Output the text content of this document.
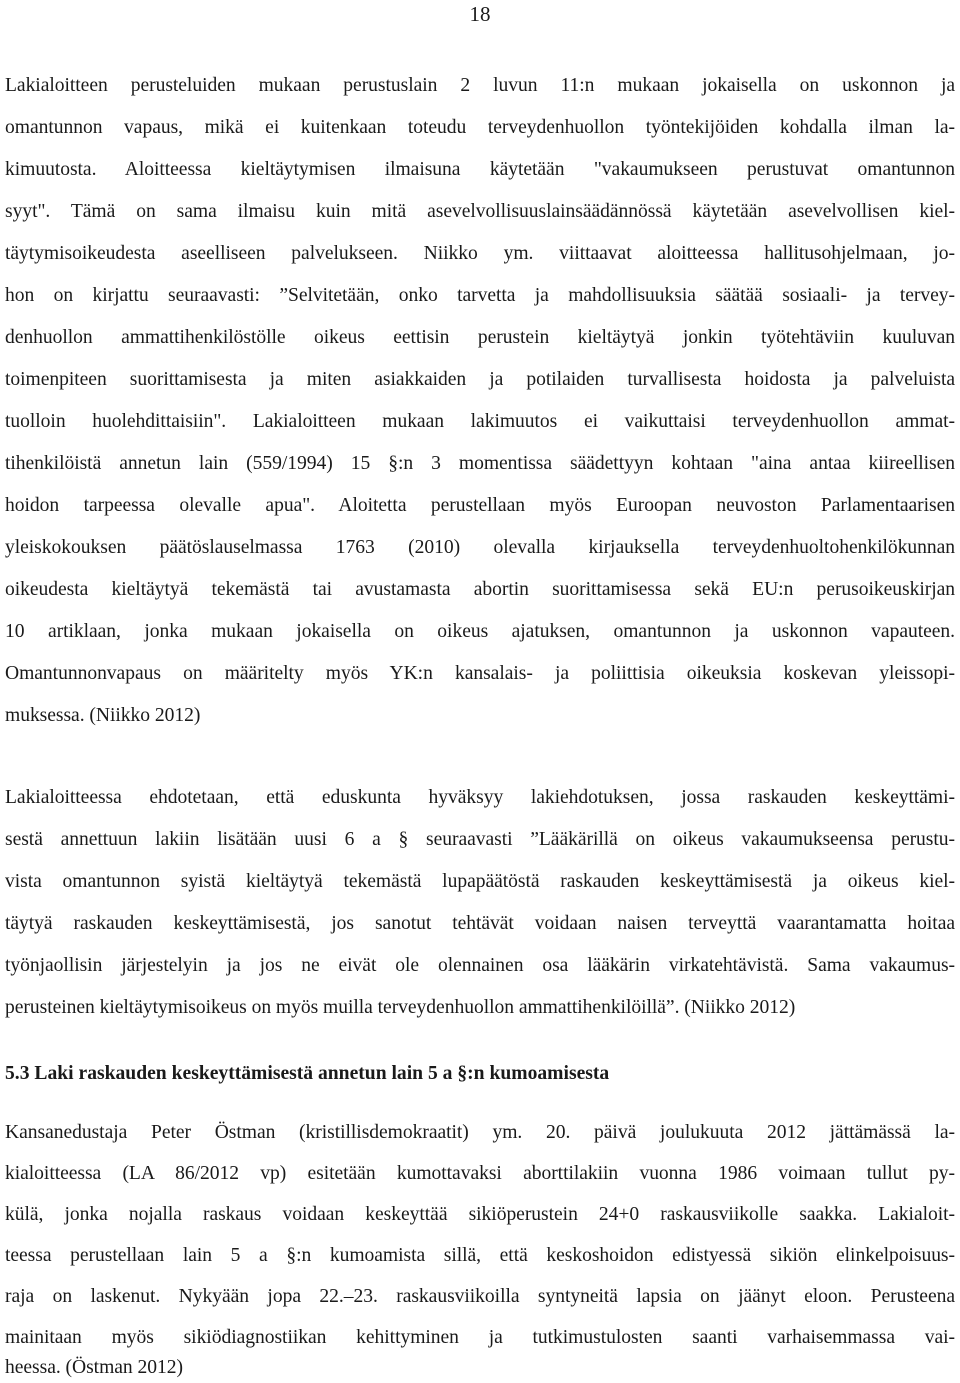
18
Lakialoitteen perusteluiden mukaan perustuslain 2 luvun 11:n mukaan jokaisella on uskonnon ja
omantunnon vapaus, mikä ei kuitenkaan toteudu terveydenhuollon työntekijöiden kohdalla ilman la-
kimuutosta. Aloitteessa kieltäytymisen ilmaisuna käytetään "vakaumukseen perustuvat omantunnon
syyt". Tämä on sama ilmaisu kuin mitä asevelvollisuuslainsäädännössä käytetään asevelvollisen kiel-
täytymisoikeudesta aseelliseen palvelukseen. Niikko ym. viittaavat aloitteessa hallitusohjelmaan, jo-
hon on kirjattu seuraavasti: ”Selvitetään, onko tarvetta ja mahdollisuuksia säätää sosiaali- ja tervey-
denhuollon ammattihenkilöstölle oikeus eettisin perustein kieltäytyä jonkin työtehtäviin kuuluvan
toimenpiteen suorittamisesta ja miten asiakkaiden ja potilaiden turvallisesta hoidosta ja palveluista
tuolloin huolehdittaisiin". Lakialoitteen mukaan lakimuutos ei vaikuttaisi terveydenhuollon ammat-
tihenkilöistä annetun lain (559/1994) 15 §:n 3 momentissa säädettyyn kohtaan "aina antaa kiireellisen
hoidon tarpeessa olevalle apua". Aloitetta perustellaan myös Euroopan neuvoston Parlamentaarisen
yleiskokouksen päätöslauselmassa 1763 (2010) olevalla kirjauksella terveydenhuoltohenkilökunnan
oikeudesta kieltäytyä tekemästä tai avustamasta abortin suorittamisessa sekä EU:n perusoikeuskirjan
10 artiklaan, jonka mukaan jokaisella on oikeus ajatuksen, omantunnon ja uskonnon vapauteen.
Omantunnonvapaus on määritelty myös YK:n kansalais- ja poliittisia oikeuksia koskevan yleissopi-
muksessa. (Niikko 2012)
Lakialoitteessa ehdotetaan, että eduskunta hyväksyy lakiehdotuksen, jossa raskauden keskeyttämi-
sestä annettuun lakiin lisätään uusi 6 a § seuraavasti ”Lääkärillä on oikeus vakaumukseensa perustu-
vista omantunnon syistä kieltäytyä tekemästä lupapäätöstä raskauden keskeyttämisestä ja oikeus kiel-
täytyä raskauden keskeyttämisestä, jos sanotut tehtävät voidaan naisen terveyttä vaarantamatta hoitaa
työnjaollisin järjestelyin ja jos ne eivät ole olennainen osa lääkärin virkatehtävistä. Sama vakaumus-
perusteinen kieltäytymisoikeus on myös muilla terveydenhuollon ammattihenkilöillä”. (Niikko 2012)
5.3 Laki raskauden keskeyttämisestä annetun lain 5 a §:n kumoamisesta
Kansanedustaja Peter Östman (kristillisdemokraatit) ym. 20. päivä joulukuuta 2012 jättämässä la-
kialoitteessa (LA 86/2012 vp) esitetään kumottavaksi aborttilakiin vuonna 1986 voimaan tullut py-
külä, jonka nojalla raskaus voidaan keskeyttää sikiöperustein 24+0 raskausviikolle saakka. Lakialoit-
teessa perustellaan lain 5 a §:n kumoamista sillä, että keskoshoidon edistyessä sikiön elinkelpoisuus-
raja on laskenut. Nykyään jopa 22.–23. raskausviikoilla syntyneitä lapsia on jäänyt eloon. Perusteena
mainitaan myös sikiödiagnostiikan kehittyminen ja tutkimustulosten saanti varhaisemmassa vai-
heessa. (Östman 2012)
